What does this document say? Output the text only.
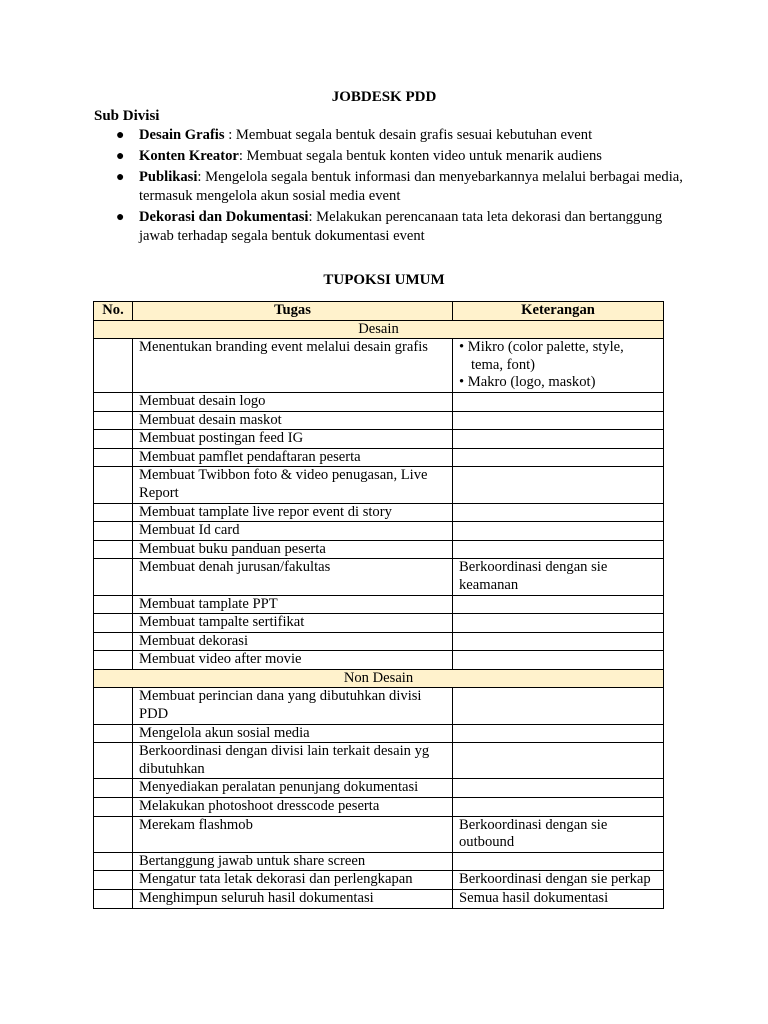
JOBDESK PDD
Sub Divisi
● Desain Grafis : Membuat segala bentuk desain grafis sesuai kebutuhan event
● Konten Kreator: Membuat segala bentuk konten video untuk menarik audiens
● Publikasi: Mengelola segala bentuk informasi dan menyebarkannya melalui berbagai media, termasuk mengelola akun sosial media event
● Dekorasi dan Dokumentasi: Melakukan perencanaan tata leta dekorasi dan bertanggung jawab terhadap segala bentuk dokumentasi event
TUPOKSI UMUM
No.	Tugas	Keterangan
Desain		
	Menentukan branding event melalui desain grafis	• Mikro (color palette, style, tema, font)
• Makro (logo, maskot)

	Membuat desain logo	
	Membuat desain maskot	
	Membuat postingan feed IG	
	Membuat pamflet pendaftaran peserta	
	Membuat Twibbon foto & video penugasan, Live Report	
	Membuat tamplate live repor event di story	
	Membuat Id card	
	Membuat buku panduan peserta	
	Membuat denah jurusan/fakultas	Berkoordinasi dengan sie keamanan

	Membuat tamplate PPT	
	Membuat tampalte sertifikat	
	Membuat dekorasi	
	Membuat video after movie	
Non Desain		
	Membuat perincian dana yang dibutuhkan divisi PDD	
	Mengelola akun sosial media	
	Berkoordinasi dengan divisi lain terkait desain yg dibutuhkan	
	Menyediakan peralatan penunjang dokumentasi	
	Melakukan photoshoot dresscode peserta	
	Merekam flashmob	Berkoordinasi dengan sie outbound

	Bertanggung jawab untuk share screen	
	Mengatur tata letak dekorasi dan perlengkapan	Berkoordinasi dengan sie perkap

	Menghimpun seluruh hasil dokumentasi	Semua hasil dokumentasi
